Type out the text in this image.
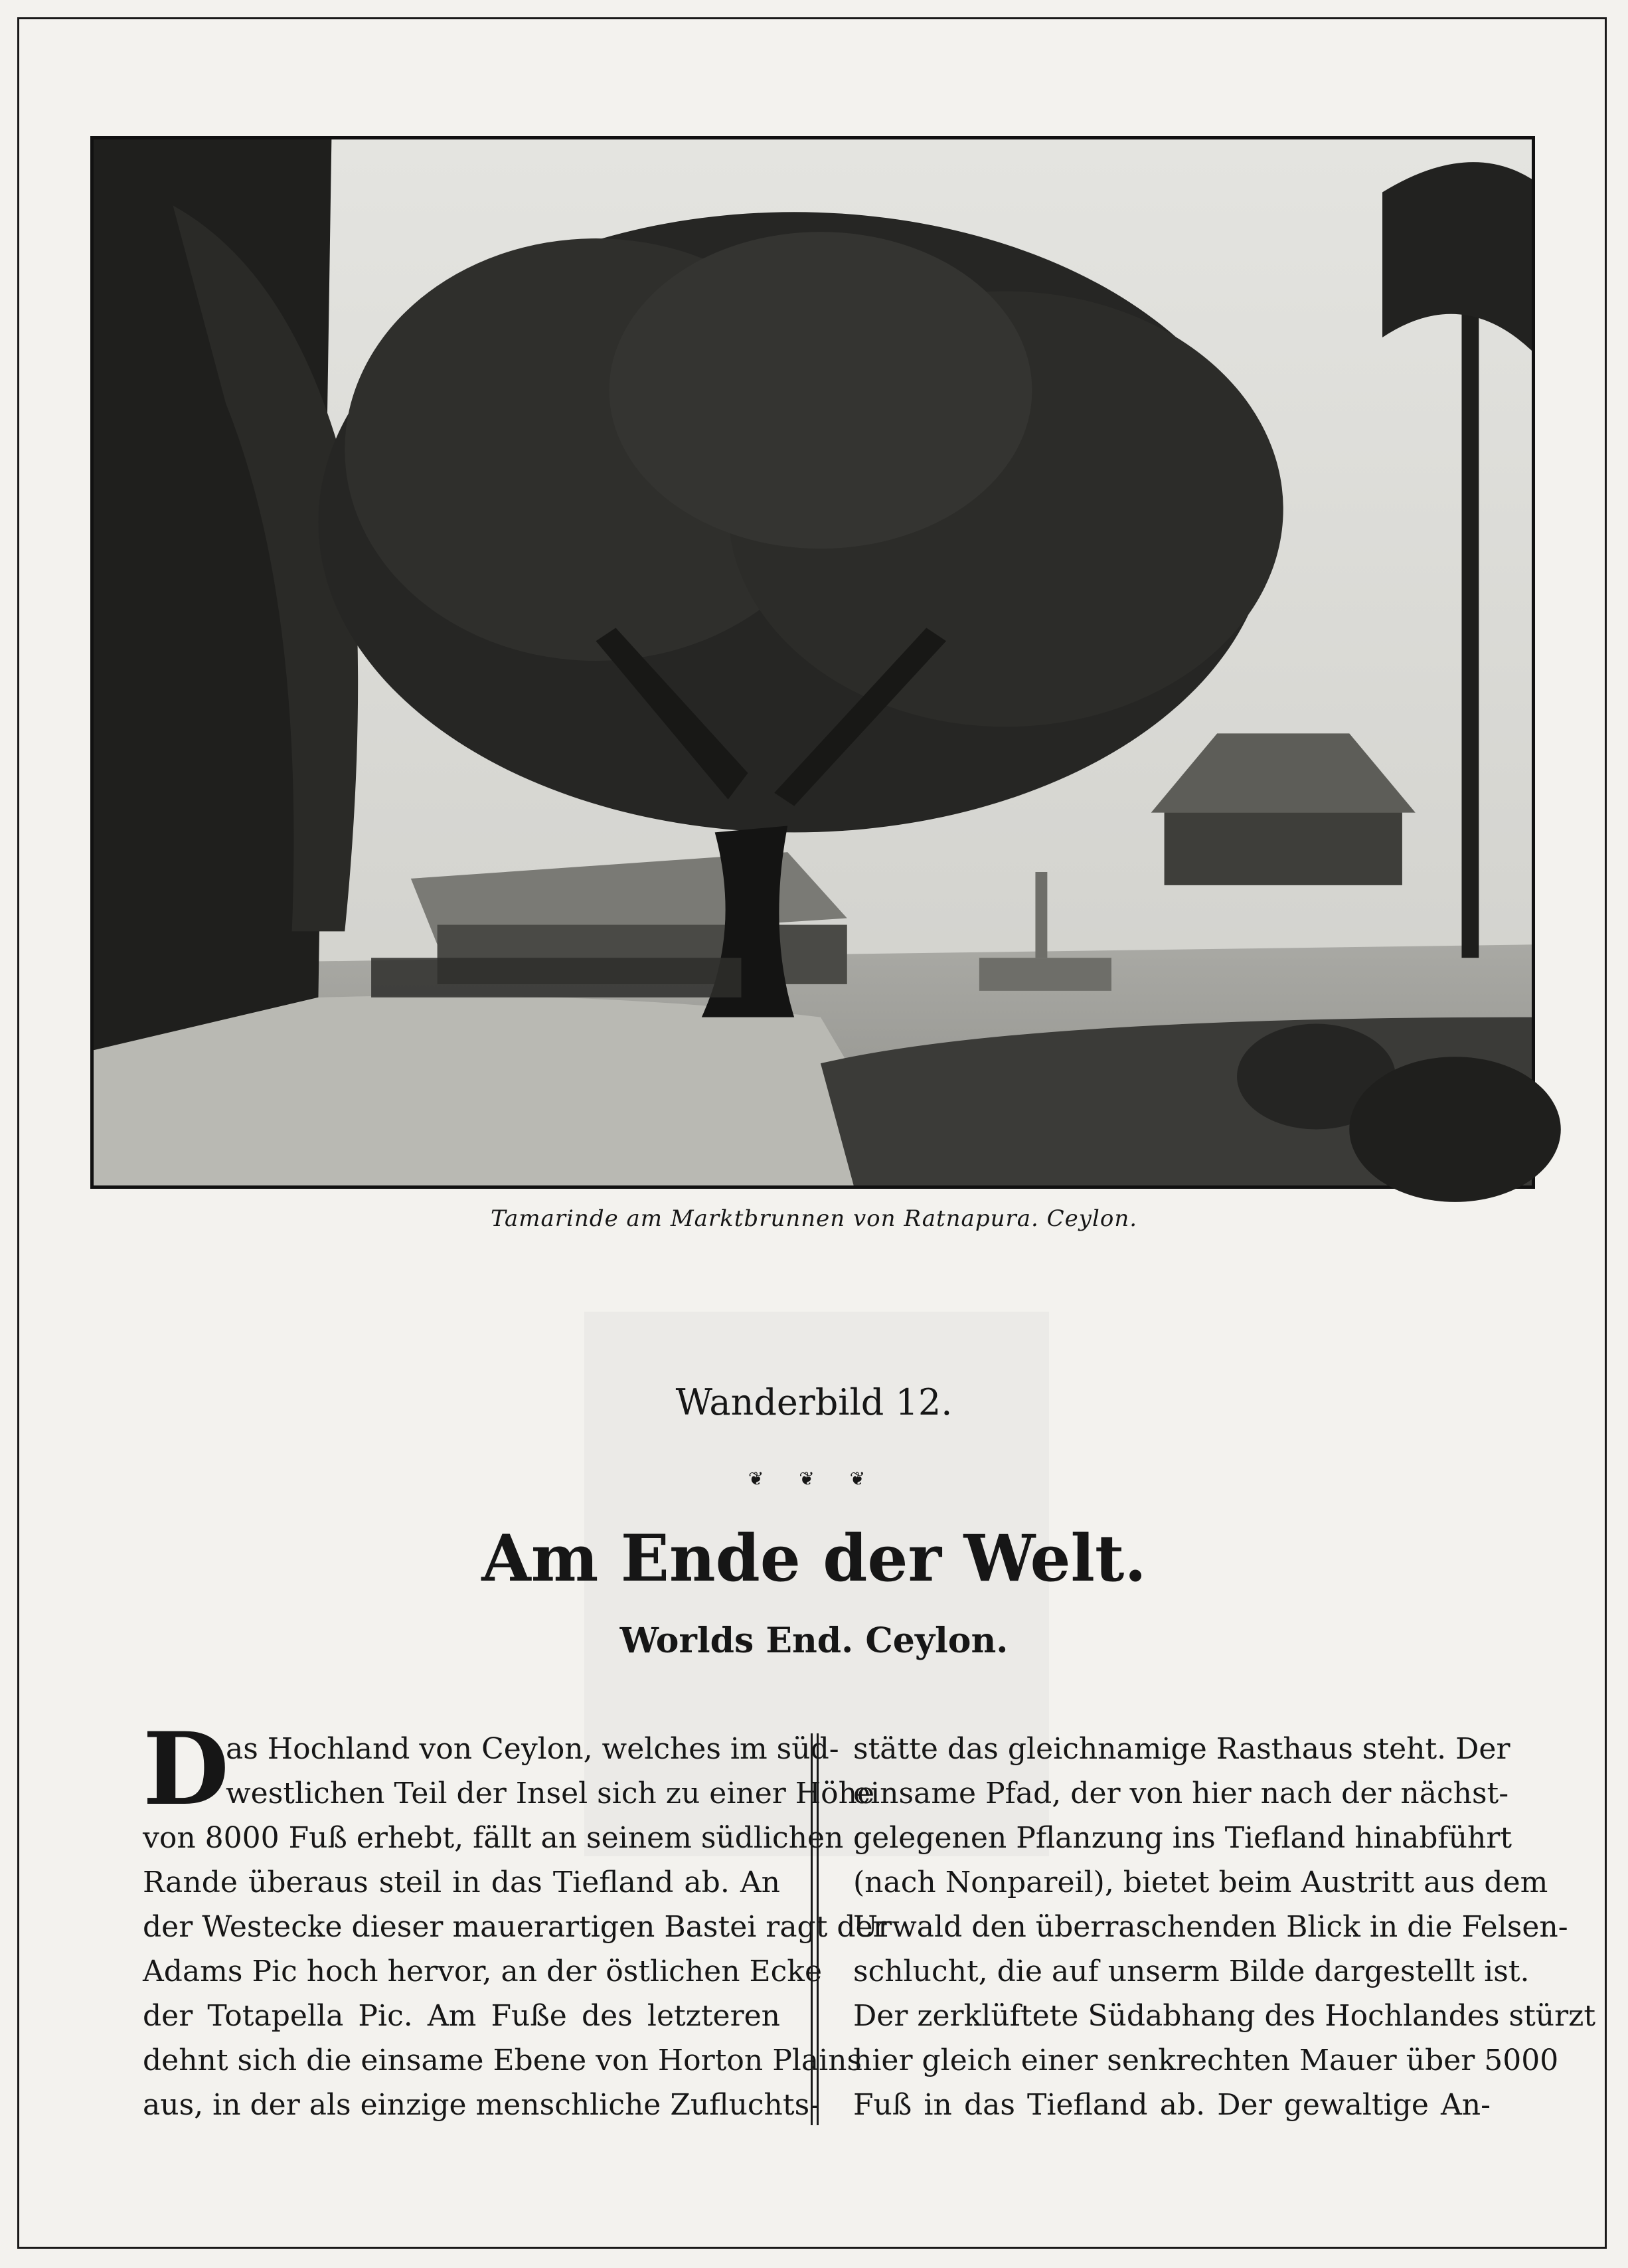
Tamarinde am Marktbrunnen von Ratnapura. Ceylon.
Wanderbild 12.
❦ ❦ ❦
Am Ende der Welt.
Worlds End. Ceylon.
D

as Hochland von Ceylon, welches im süd-
westlichen Teil der Insel sich zu einer Höhe
von 8000 Fuß erhebt, fällt an seinem südlichen
Rande überaus steil in das Tiefland ab. An
der Westecke dieser mauerartigen Bastei ragt der
Adams Pic hoch hervor, an der östlichen Ecke
der Totapella Pic. Am Fuße des letzteren
dehnt sich die einsame Ebene von Horton Plains
aus, in der als einzige menschliche Zufluchts-

stätte das gleichnamige Rasthaus steht. Der
einsame Pfad, der von hier nach der nächst-
gelegenen Pflanzung ins Tiefland hinabführt
(nach Nonpareil), bietet beim Austritt aus dem
Urwald den überraschenden Blick in die Felsen-
schlucht, die auf unserm Bilde dargestellt ist.
Der zerklüftete Südabhang des Hochlandes stürzt
hier gleich einer senkrechten Mauer über 5000
Fuß in das Tiefland ab. Der gewaltige An-
